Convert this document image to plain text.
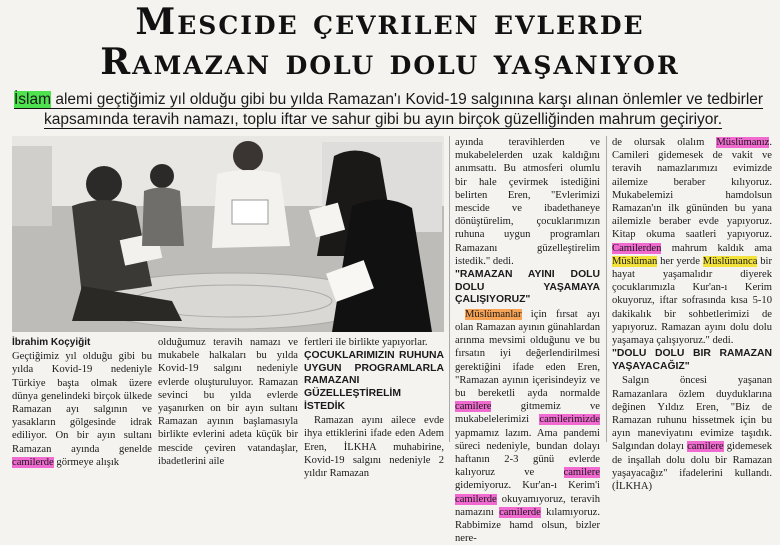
Mescide çevrilen evlerde
Ramazan dolu dolu yaşanıyor
İslam alemi geçtiğimiz yıl olduğu gibi bu yılda Ramazan'ı Kovid-19 salgınına karşı alınan önlemler ve tedbirler
kapsamında teravih namazı, toplu iftar ve sahur gibi bu ayın birçok güzelliğinden mahrum geçiriyor.

İbrahim Koçyiğit

Geçtiğimiz yıl olduğu gibi bu yılda Kovid-19 nedeniyle Türkiye başta olmak üzere dünya genelindeki birçok ülkede Ramazan ayı salgının ve yasakların gölgesinde idrak ediliyor. On bir ayın sultanı Ramazan ayında genelde camilerde görmeye alışık

olduğumuz teravih namazı ve mukabele halkaları bu yılda Kovid-19 salgını nedeniyle evlerde oluşturuluyor. Ramazan sevinci bu yılda evlerde yaşanırken on bir ayın sultanı Ramazan ayının başlamasıyla birlikte evlerini adeta küçük bir mescide çeviren vatandaşlar, ibadetlerini aile

fertleri ile birlikte yapıyorlar.

ÇOCUKLARIMIZIN RUHUNA UYGUN PROGRAMLARLA RAMAZANI GÜZELLEŞTİRELİM İSTEDİK

Ramazan ayını ailece evde ihya ettiklerini ifade eden Adem Eren, İLKHA muhabirine, Kovid-19 salgını nedeniyle 2 yıldır Ramazan

ayında teravihlerden ve mukabelelerden uzak kaldığını anımsattı. Bu atmosferi olumlu bir hale çevirmek istediğini belirten Eren, "Evlerimizi mescide ve ibadethaneye dönüştürelim, çocuklarımızın ruhuna uygun programları Ramazanı güzelleştirelim istedik." dedi.

"RAMAZAN AYINI DOLU DOLU YAŞAMAYA ÇALIŞIYORUZ"

Müslümanlar için fırsat ayı olan Ramazan ayının günahlardan arınma mevsimi olduğunu ve bu fırsatın iyi değerlendirilmesi gerektiğini ifade eden Eren, "Ramazan ayının içerisindeyiz ve bu bereketli ayda normalde camilere gitmemiz ve mukabelelerimizi camilerimizde yapmamız lazım. Ama pandemi süreci nedeniyle, bundan dolayı haftanın 2-3 günü evlerde kalıyoruz ve camilere gidemiyoruz. Kur'an-ı Kerim'i camilerde okuyamıyoruz, teravih namazını camilerde kılamıyoruz. Rabbimize hamd olsun, bizler nere-

de olursak olalım Müslümanız. Camileri gidemesek de vakit ve teravih namazlarımızı evimizde ailemize beraber kılıyoruz. Mukabelemizi hamdolsun Ramazan'ın ilk gününden bu yana ailemizle beraber evde yapıyoruz. Kitap okuma saatleri yapıyoruz. Camilerden mahrum kaldık ama Müslüman her yerde Müslümanca bir hayat yaşamalıdır diyerek çocuklarımızla Kur'an-ı Kerim okuyoruz, iftar sofrasında kısa 5-10 dakikalık bir sohbetlerimizi de yapıyoruz. Ramazan ayını dolu dolu yaşamaya çalışıyoruz." dedi.

"DOLU DOLU BIR RAMAZAN YAŞAYACAĞIZ"

Salgın öncesi yaşanan Ramazanlara özlem duyduklarına değinen Yıldız Eren, "Biz de Ramazan ruhunu hissetmek için bu ayın maneviyatını evimize taşıdık. Salgından dolayı camilere gidemesek de inşallah dolu dolu bir Ramazan yaşayacağız" ifadelerini kullandı. (İLKHA)
